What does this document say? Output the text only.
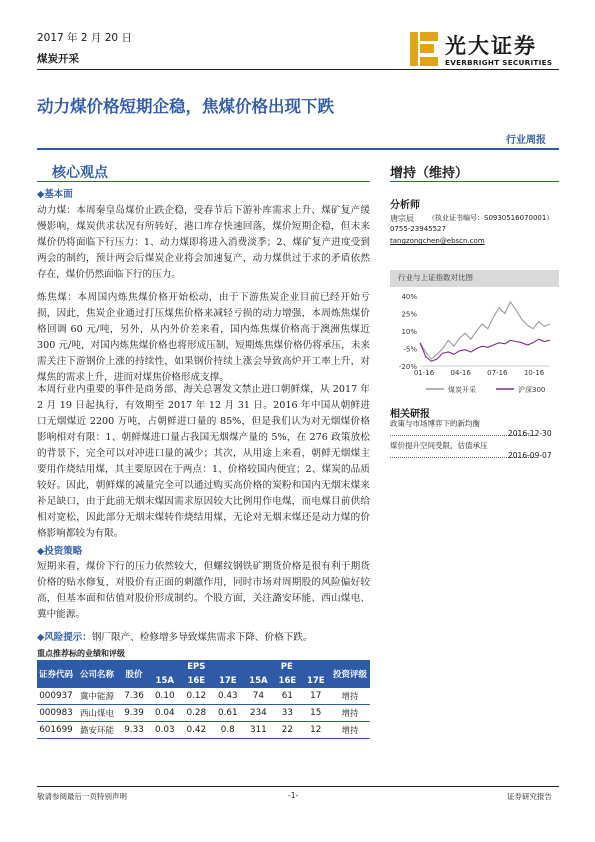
2017 年 2 月 20 日
煤炭开采
光大证券
EVERBRIGHT SECURITIES
动力煤价格短期企稳，焦煤价格出现下跌
行业周报
核心观点	增持（维持）
◆基本面

动力煤：本周秦皇岛煤价止跌企稳，受春节后下游补库需求上升、煤矿复产缓慢影响，煤炭供求状况有所转好，港口库存快速回落，煤价短期企稳，但未来煤价仍将面临下行压力：1、动力煤即将进入消费淡季；2、煤矿复产进度受到两会的制约，预计两会后煤炭企业将会加速复产，动力煤供过于求的矛盾依然存在，煤价仍然面临下行的压力。

炼焦煤：本周国内炼焦煤价格开始松动，由于下游焦炭企业目前已经开始亏损，因此，焦炭企业通过打压煤焦价格来减轻亏损的动力增强，本周炼焦煤价格回调 60 元/吨，另外，从内外价差来看，国内炼焦煤价格高于澳洲焦煤近 300 元/吨，对国内炼焦煤价格也将形成压制，短期炼焦煤价格仍将承压，未来需关注下游钢价上涨的持续性，如果钢价持续上涨会导致高炉开工率上升，对煤焦的需求上升，进而对煤焦价格形成支撑。

本周行业内重要的事件是商务部、海关总署发文禁止进口朝鲜煤，从 2017 年 2 月 19 日起执行，有效期至 2017 年 12 月 31 日。2016 年中国从朝鲜进口无烟煤近 2200 万吨，占朝鲜进口量的 85%，但是我们认为对无烟煤价格影响相对有限：1、朝鲜煤进口量占我国无烟煤产量的 5%，在 276 政策放松的背景下，完全可以对冲进口量的减少；其次，从用途上来看，朝鲜无烟煤主要用作烧结用煤，其主要原因在于两点：1、价格较国内便宜；2、煤炭的品质较好。因此，朝鲜煤的减量完全可以通过购买高价格的炭粉和国内无烟末煤来补足缺口，由于此前无烟末煤因需求原因较大比例用作电煤，而电煤目前供给相对宽松，因此部分无烟末煤转作烧结用煤，无论对无烟末煤还是动力煤的价格影响都较为有限。

◆投资策略

短期来看，煤价下行的压力依然较大，但螺纹钢铁矿期货价格是很有利于期货价格的贴水修复，对股价有正面的刺激作用，同时市场对周期股的风险偏好较高，但基本面和估值对股价形成制约。个股方面，关注潞安环能、西山煤电、冀中能源。

◆风险提示：钢厂限产、检修增多导致煤焦需求下降、价格下跌。
分析师
唐宗辰 （执业证书编号：S0930516070001）
0755-23945527
tangzongchen@ebscn.com
行业与上证指数对比图
40%
25%
10%
-5%
-20%
01-16 04-16 07-16 10-16
煤炭开采	沪深300
相关研报
政策与市场博弈下的新均衡
2016-12-30
煤价提升空间受限，估值承压
2016-09-07
重点推荐标的业绩和评级
证券代码	公司名称	股价	EPS			PE			投资评级
			15A	16E	17E	15A	16E	17E	
000937	冀中能源	7.36	0.10	0.12	0.43	74	61	17	增持
000983	西山煤电	9.39	0.04	0.28	0.61	234	33	15	增持
601699	潞安环能	9.33	0.03	0.42	0.8	311	22	12	增持
敬请参阅最后一页特别声明	-1-	证券研究报告
